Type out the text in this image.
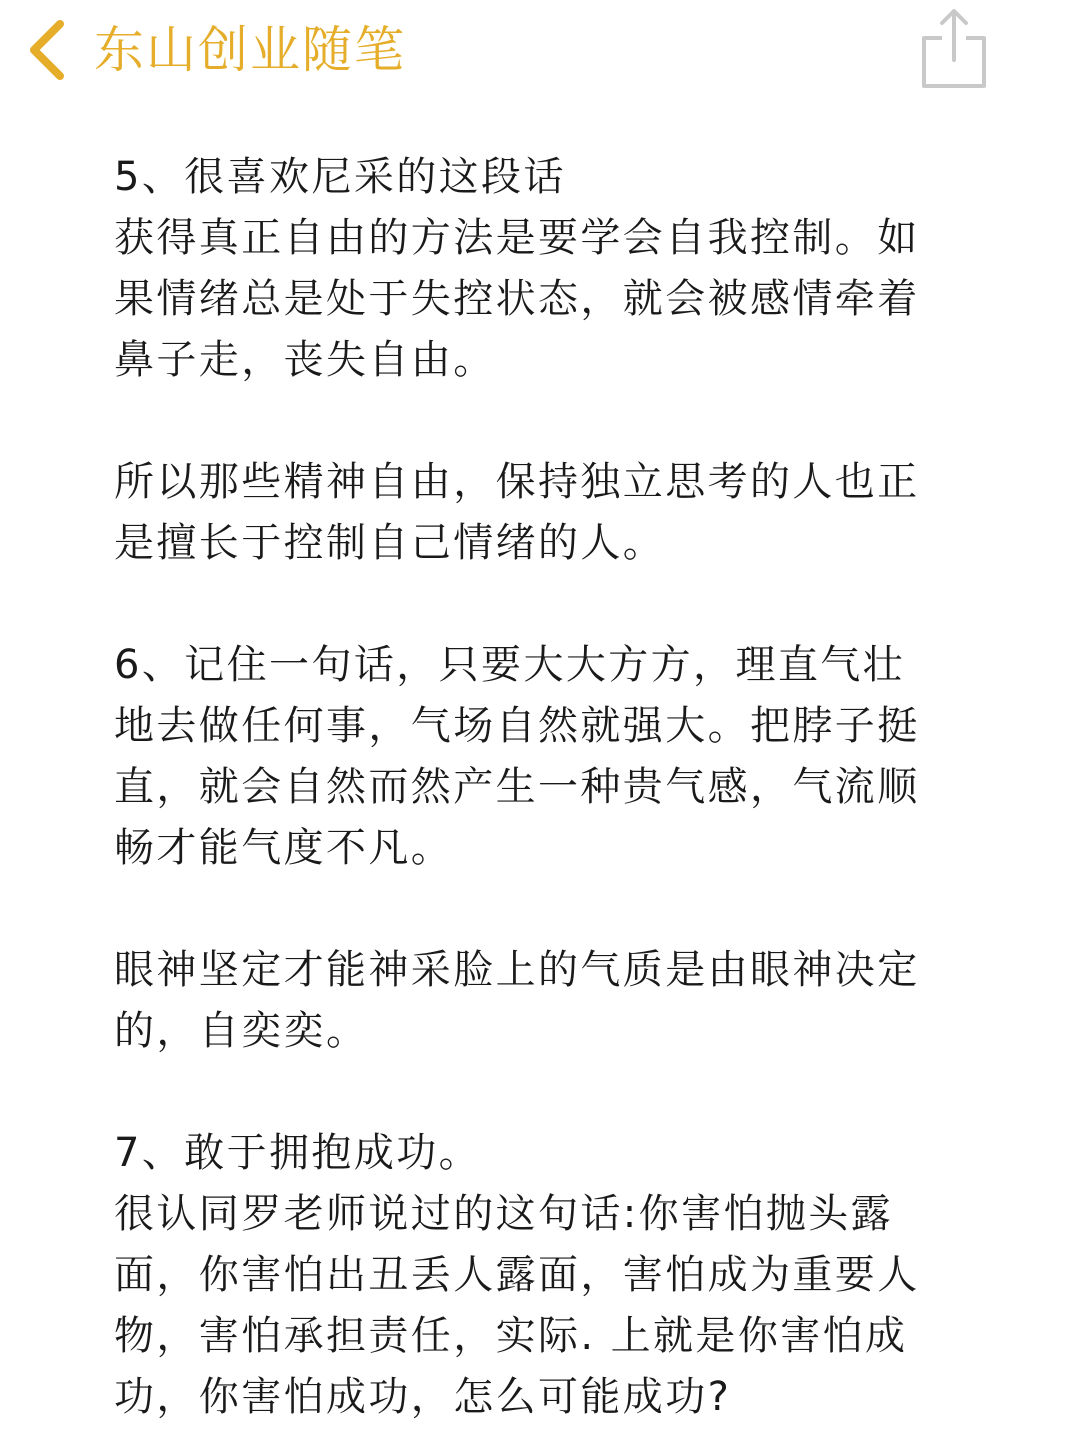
东山创业随笔
5、很喜欢尼采的这段话
获得真正自由的方法是要学会自我控制。如
果情绪总是处于失控状态，就会被感情牵着
鼻子走，丧失自由。
所以那些精神自由，保持独立思考的人也正
是擅长于控制自己情绪的人。
6、记住一句话，只要大大方方，理直气壮
地去做任何事，气场自然就强大。把脖子挺
直，就会自然而然产生一种贵气感，气流顺
畅才能气度不凡。
眼神坚定才能神采脸上的气质是由眼神决定
的，自奕奕。
7、敢于拥抱成功。
很认同罗老师说过的这句话:你害怕抛头露
面，你害怕出丑丢人露面，害怕成为重要人
物，害怕承担责任，实际. 上就是你害怕成
功，你害怕成功，怎么可能成功?
